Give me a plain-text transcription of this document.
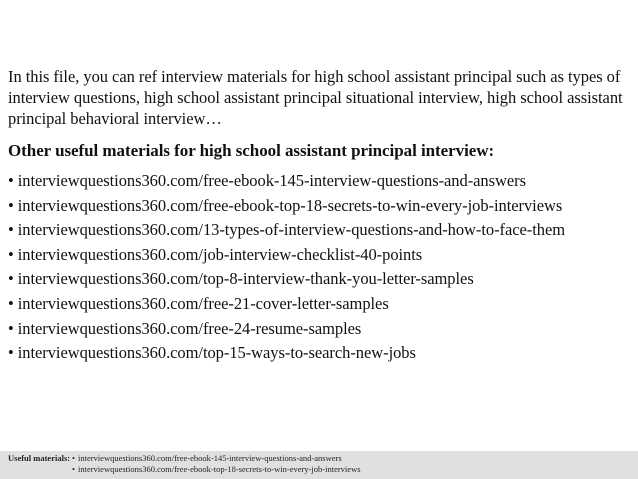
In this file, you can ref interview materials for high school assistant principal such as types of interview questions, high school assistant principal situational interview, high school assistant principal behavioral interview…

Other useful materials for high school assistant principal interview:
• interviewquestions360.com/free-ebook-145-interview-questions-and-answers
• interviewquestions360.com/free-ebook-top-18-secrets-to-win-every-job-interviews
• interviewquestions360.com/13-types-of-interview-questions-and-how-to-face-them
• interviewquestions360.com/job-interview-checklist-40-points
• interviewquestions360.com/top-8-interview-thank-you-letter-samples
• interviewquestions360.com/free-21-cover-letter-samples
• interviewquestions360.com/free-24-resume-samples
• interviewquestions360.com/top-15-ways-to-search-new-jobs
Useful materials: • interviewquestions360.com/free-ebook-145-interview-questions-and-answers
• interviewquestions360.com/free-ebook-top-18-secrets-to-win-every-job-interviews
